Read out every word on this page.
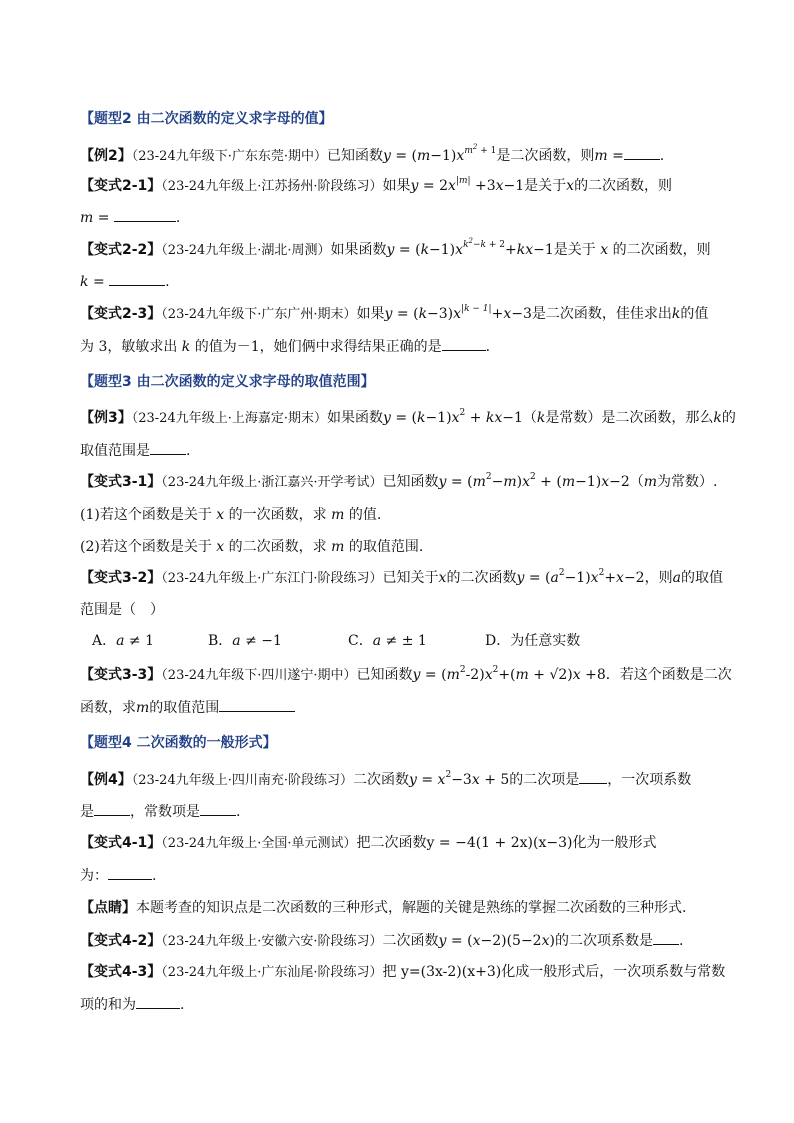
【题型2 由二次函数的定义求字母的值】
【例2】（23-24九年级下·广东东莞·期中）已知函数$y = (m-1)x^{m^2 + 1}$是二次函数，则m =	.
【变式2-1】（23-24九年级上·江苏扬州·阶段练习）如果$y = 2x^{|m|} +3x-1$是关于x的二次函数，则
m =	.
【变式2-2】（23-24九年级上·湖北·周测）如果函数$y = (k-1)x^{k^2-k + 2}+kx-1$是关于 x 的二次函数，则
k =	.
【变式2-3】（23-24九年级下·广东广州·期末）如果$y = (k-3)x^{|k - 1|}+x-3$是二次函数，佳佳求出k的值
为 3，敏敏求出 k 的值为－1，她们俩中求得结果正确的是	.
【题型3 由二次函数的定义求字母的取值范围】
【例3】（23-24九年级上·上海嘉定·期末）如果函数$y = (k-1)x^2 + kx-1(k$是常数）是二次函数，那么k的
取值范围是	.
【变式3-1】（23-24九年级上·浙江嘉兴·开学考试）已知函数$y = (m^2-m)x^2 + (m-1)x-2(m$为常数）.
(1)若这个函数是关于 x 的一次函数，求 m 的值.
(2)若这个函数是关于 x 的二次函数，求 m 的取值范围.
【变式3-2】（23-24九年级上·广东江门·阶段练习）已知关于x的二次函数$y = (a^2-1)x^2+x-2$，则a的取值
范围是（　）
A．a ≠ 1	B．a ≠ −1	C．a ≠ ± 1	D．为任意实数
【变式3-3】（23-24九年级下·四川遂宁·期中）已知函数$y = (m^2-2)x^2+(m + √2)x +8$．若这个函数是二次
函数，求m的取值范围
【题型4 二次函数的一般形式】
【例4】（23-24九年级上·四川南充·阶段练习）二次函数$y = x^2-3x + 5$的二次项是 ，一次项系数
是	，常数项是	.
【变式4-1】（23-24九年级上·全国·单元测试）把二次函数y = −4(1 + 2x)(x−3)化为一般形式
为：	.
【点睛】本题考查的知识点是二次函数的三种形式，解题的关键是熟练的掌握二次函数的三种形式.
【变式4-2】（23-24九年级上·安徽六安·阶段练习）二次函数y = (x−2)(5−2x)的二次项系数是 .
【变式4-3】（23-24九年级上·广东汕尾·阶段练习）把 y=(3x-2)(x+3)化成一般形式后，一次项系数与常数
项的和为	.
